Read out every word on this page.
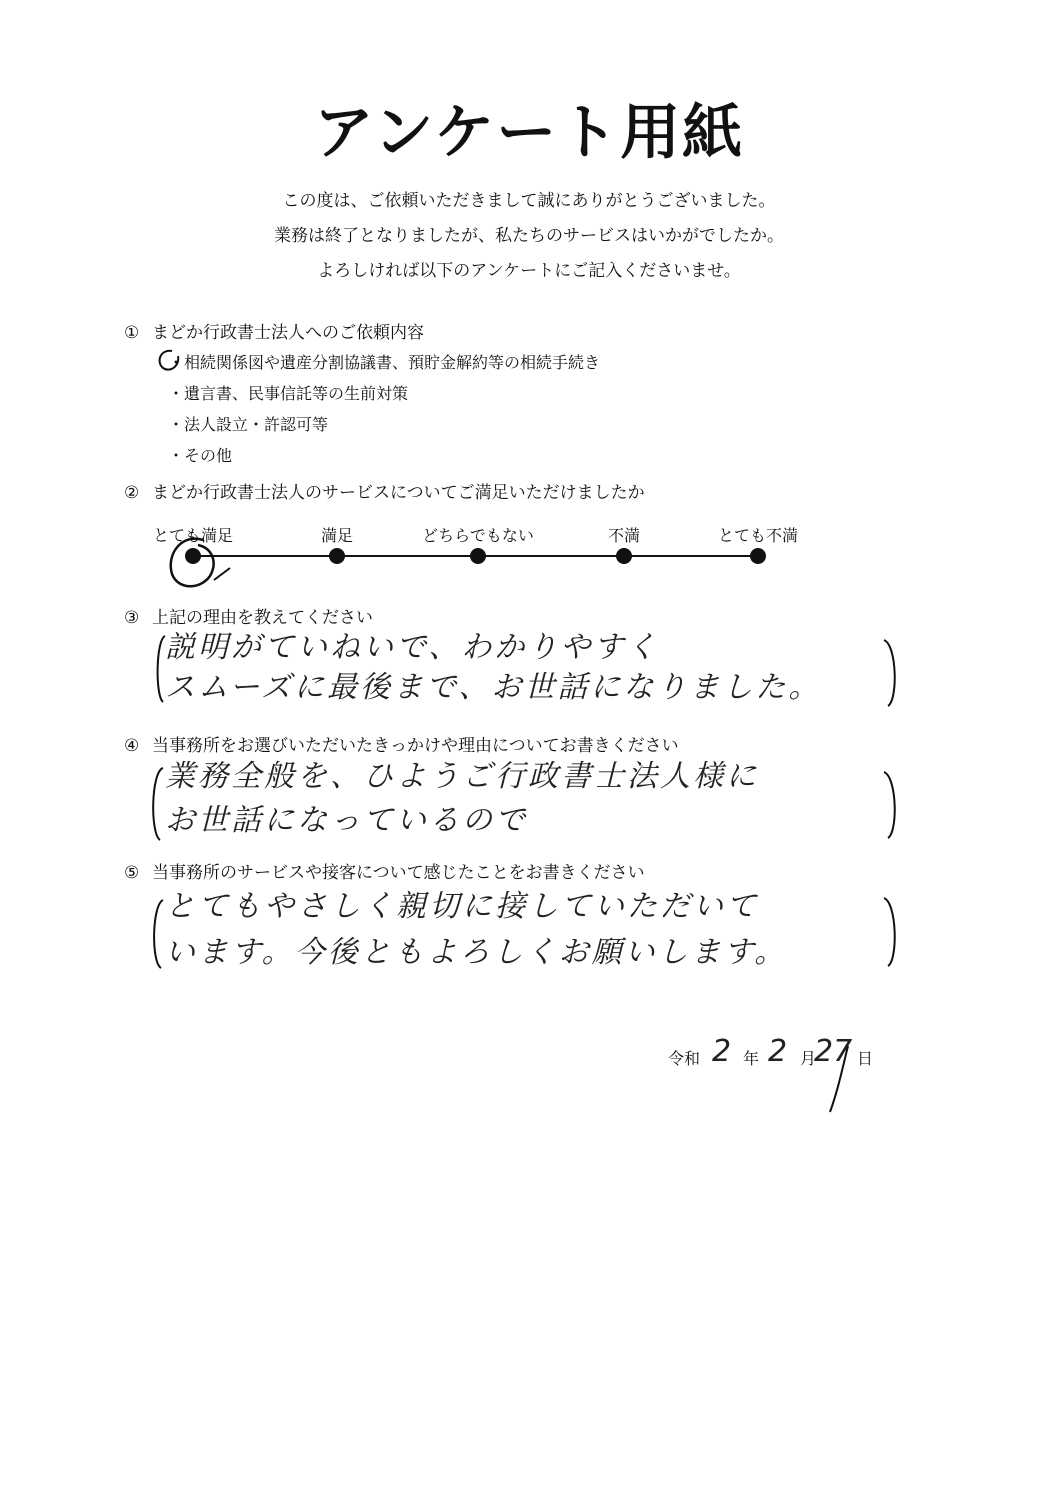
アンケート用紙
この度は、ご依頼いただきまして誠にありがとうございました。
業務は終了となりましたが、私たちのサービスはいかがでしたか。
よろしければ以下のアンケートにご記入くださいませ。
① まどか行政書士法人へのご依頼内容
・相続関係図や遺産分割協議書、預貯金解約等の相続手続き
・遺言書、民事信託等の生前対策
・法人設立・許認可等
・その他
② まどか行政書士法人のサービスについてご満足いただけましたか
とても満足	満足	どちらでもない	不満	とても不満
③ 上記の理由を教えてください
説明がていねいで、わかりやすく
スムーズに最後まで、お世話になりました。
④ 当事務所をお選びいただいたきっかけや理由についてお書きください
業務全般を、ひようご行政書士法人様に
お世話になっているので
⑤ 当事務所のサービスや接客について感じたことをお書きください
とてもやさしく親切に接していただいて
います。今後ともよろしくお願いします。
令和 2 年 2 月
27 日
